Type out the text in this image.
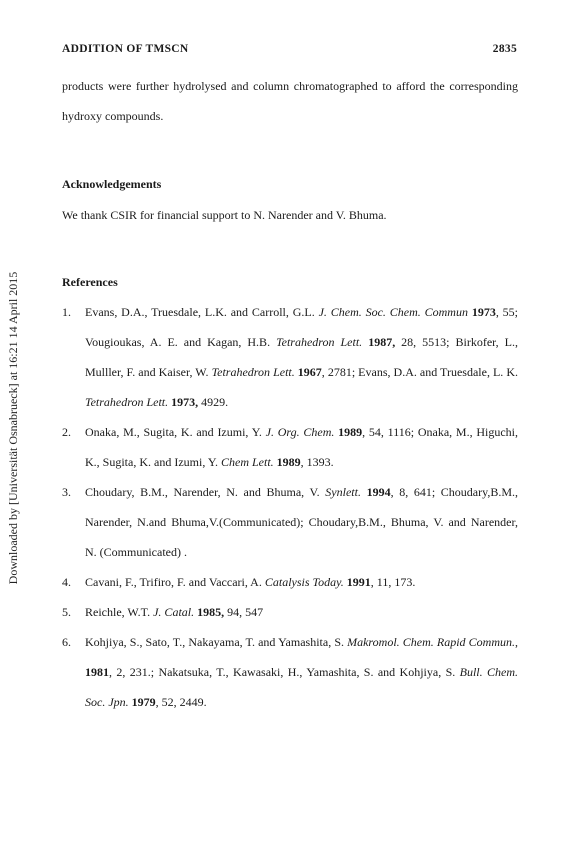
Downloaded by [Universität Osnabrueck] at 16:21 14 April 2015
ADDITION OF TMSCN	2835

products were further hydrolysed and column chromatographed to afford the corresponding hydroxy compounds.

Acknowledgements

We thank CSIR for financial support to N. Narender and V. Bhuma.

References
1. Evans, D.A., Truesdale, L.K. and Carroll, G.L. J. Chem. Soc. Chem. Commun 1973, 55; Vougioukas, A. E. and Kagan, H.B. Tetrahedron Lett. 1987, 28, 5513; Birkofer, L., Mulller, F. and Kaiser, W. Tetrahedron Lett. 1967, 2781; Evans, D.A. and Truesdale, L. K. Tetrahedron Lett. 1973, 4929.
2. Onaka, M., Sugita, K. and Izumi, Y. J. Org. Chem. 1989, 54, 1116; Onaka, M., Higuchi, K., Sugita, K. and Izumi, Y. Chem Lett. 1989, 1393.
3. Choudary, B.M., Narender, N. and Bhuma, V. Synlett. 1994, 8, 641; Choudary,B.M., Narender, N.and Bhuma,V.(Communicated); Choudary,B.M., Bhuma, V. and Narender, N. (Communicated) .
4. Cavani, F., Trifiro, F. and Vaccari, A. Catalysis Today. 1991, 11, 173.
5. Reichle, W.T. J. Catal. 1985, 94, 547
6. Kohjiya, S., Sato, T., Nakayama, T. and Yamashita, S. Makromol. Chem. Rapid Commun., 1981, 2, 231.; Nakatsuka, T., Kawasaki, H., Yamashita, S. and Kohjiya, S. Bull. Chem. Soc. Jpn. 1979, 52, 2449.
